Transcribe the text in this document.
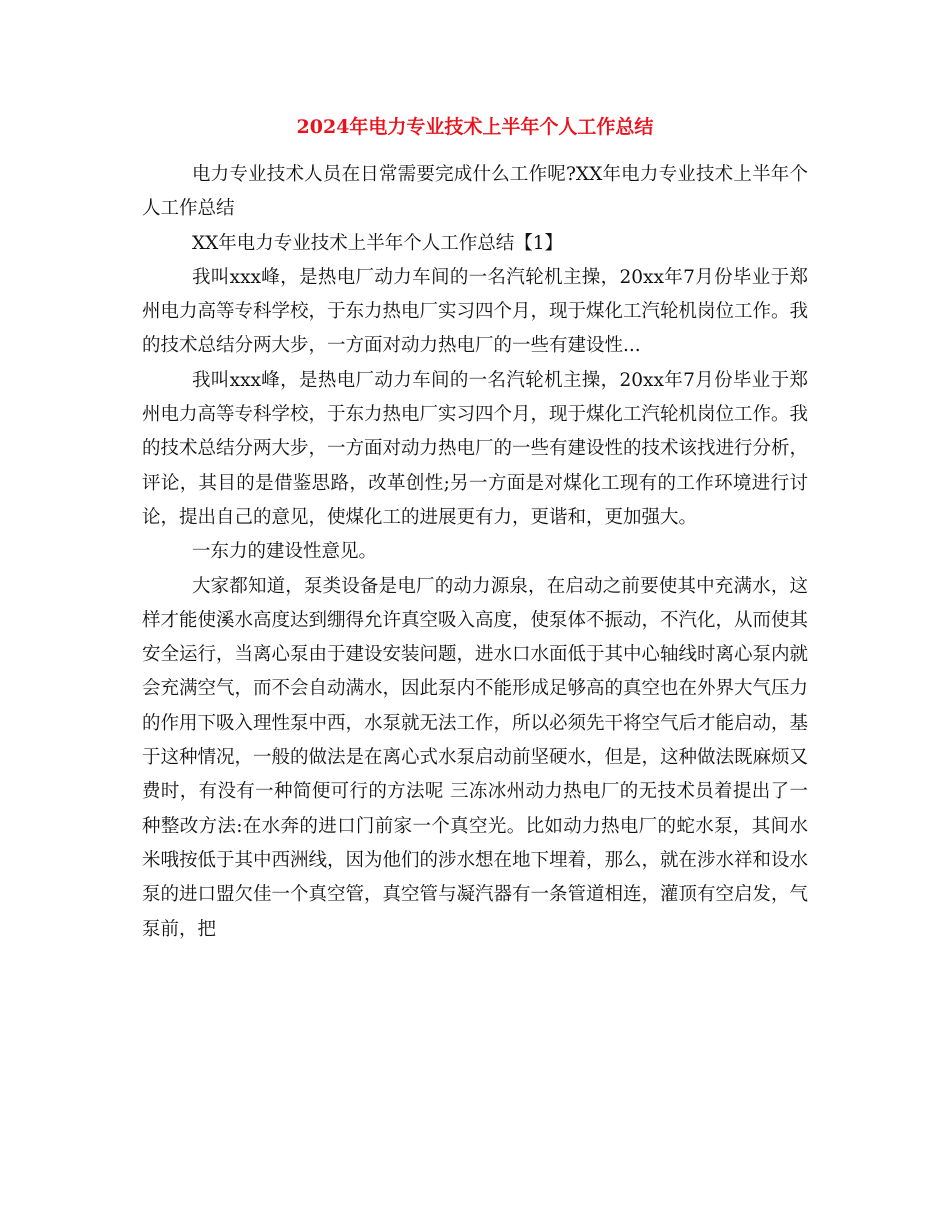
2024年电力专业技术上半年个人工作总结

电力专业技术人员在日常需要完成什么工作呢?XX年电力专业技术上半年个人工作总结

XX年电力专业技术上半年个人工作总结【1】

我叫xxx峰，是热电厂动力车间的一名汽轮机主操，20xx年7月份毕业于郑州电力高等专科学校，于东力热电厂实习四个月，现于煤化工汽轮机岗位工作。我的技术总结分两大步，一方面对动力热电厂的一些有建设性...

我叫xxx峰，是热电厂动力车间的一名汽轮机主操，20xx年7月份毕业于郑州电力高等专科学校，于东力热电厂实习四个月，现于煤化工汽轮机岗位工作。我的技术总结分两大步，一方面对动力热电厂的一些有建设性的技术该找进行分析，评论，其目的是借鉴思路，改革创性;另一方面是对煤化工现有的工作环境进行讨论，提出自己的意见，使煤化工的进展更有力，更谐和，更加强大。

一东力的建设性意见。

大家都知道，泵类设备是电厂的动力源泉，在启动之前要使其中充满水，这样才能使溪水高度达到绷得允许真空吸入高度，使泵体不振动，不汽化，从而使其安全运行，当离心泵由于建设安装问题，进水口水面低于其中心轴线时离心泵内就会充满空气，而不会自动满水，因此泵内不能形成足够高的真空也在外界大气压力的作用下吸入理性泵中西，水泵就无法工作，所以必须先干将空气后才能启动，基于这种情况，一般的做法是在离心式水泵启动前坚硬水，但是，这种做法既麻烦又费时，有没有一种简便可行的方法呢 三冻冰州动力热电厂的无技术员着提出了一种整改方法:在水奔的进口门前家一个真空光。比如动力热电厂的蛇水泵，其间水米哦按低于其中西洲线，因为他们的涉水想在地下埋着，那么，就在涉水祥和设水泵的进口盟欠佳一个真空管，真空管与凝汽器有一条管道相连，灌顶有空启发，气泵前，把
